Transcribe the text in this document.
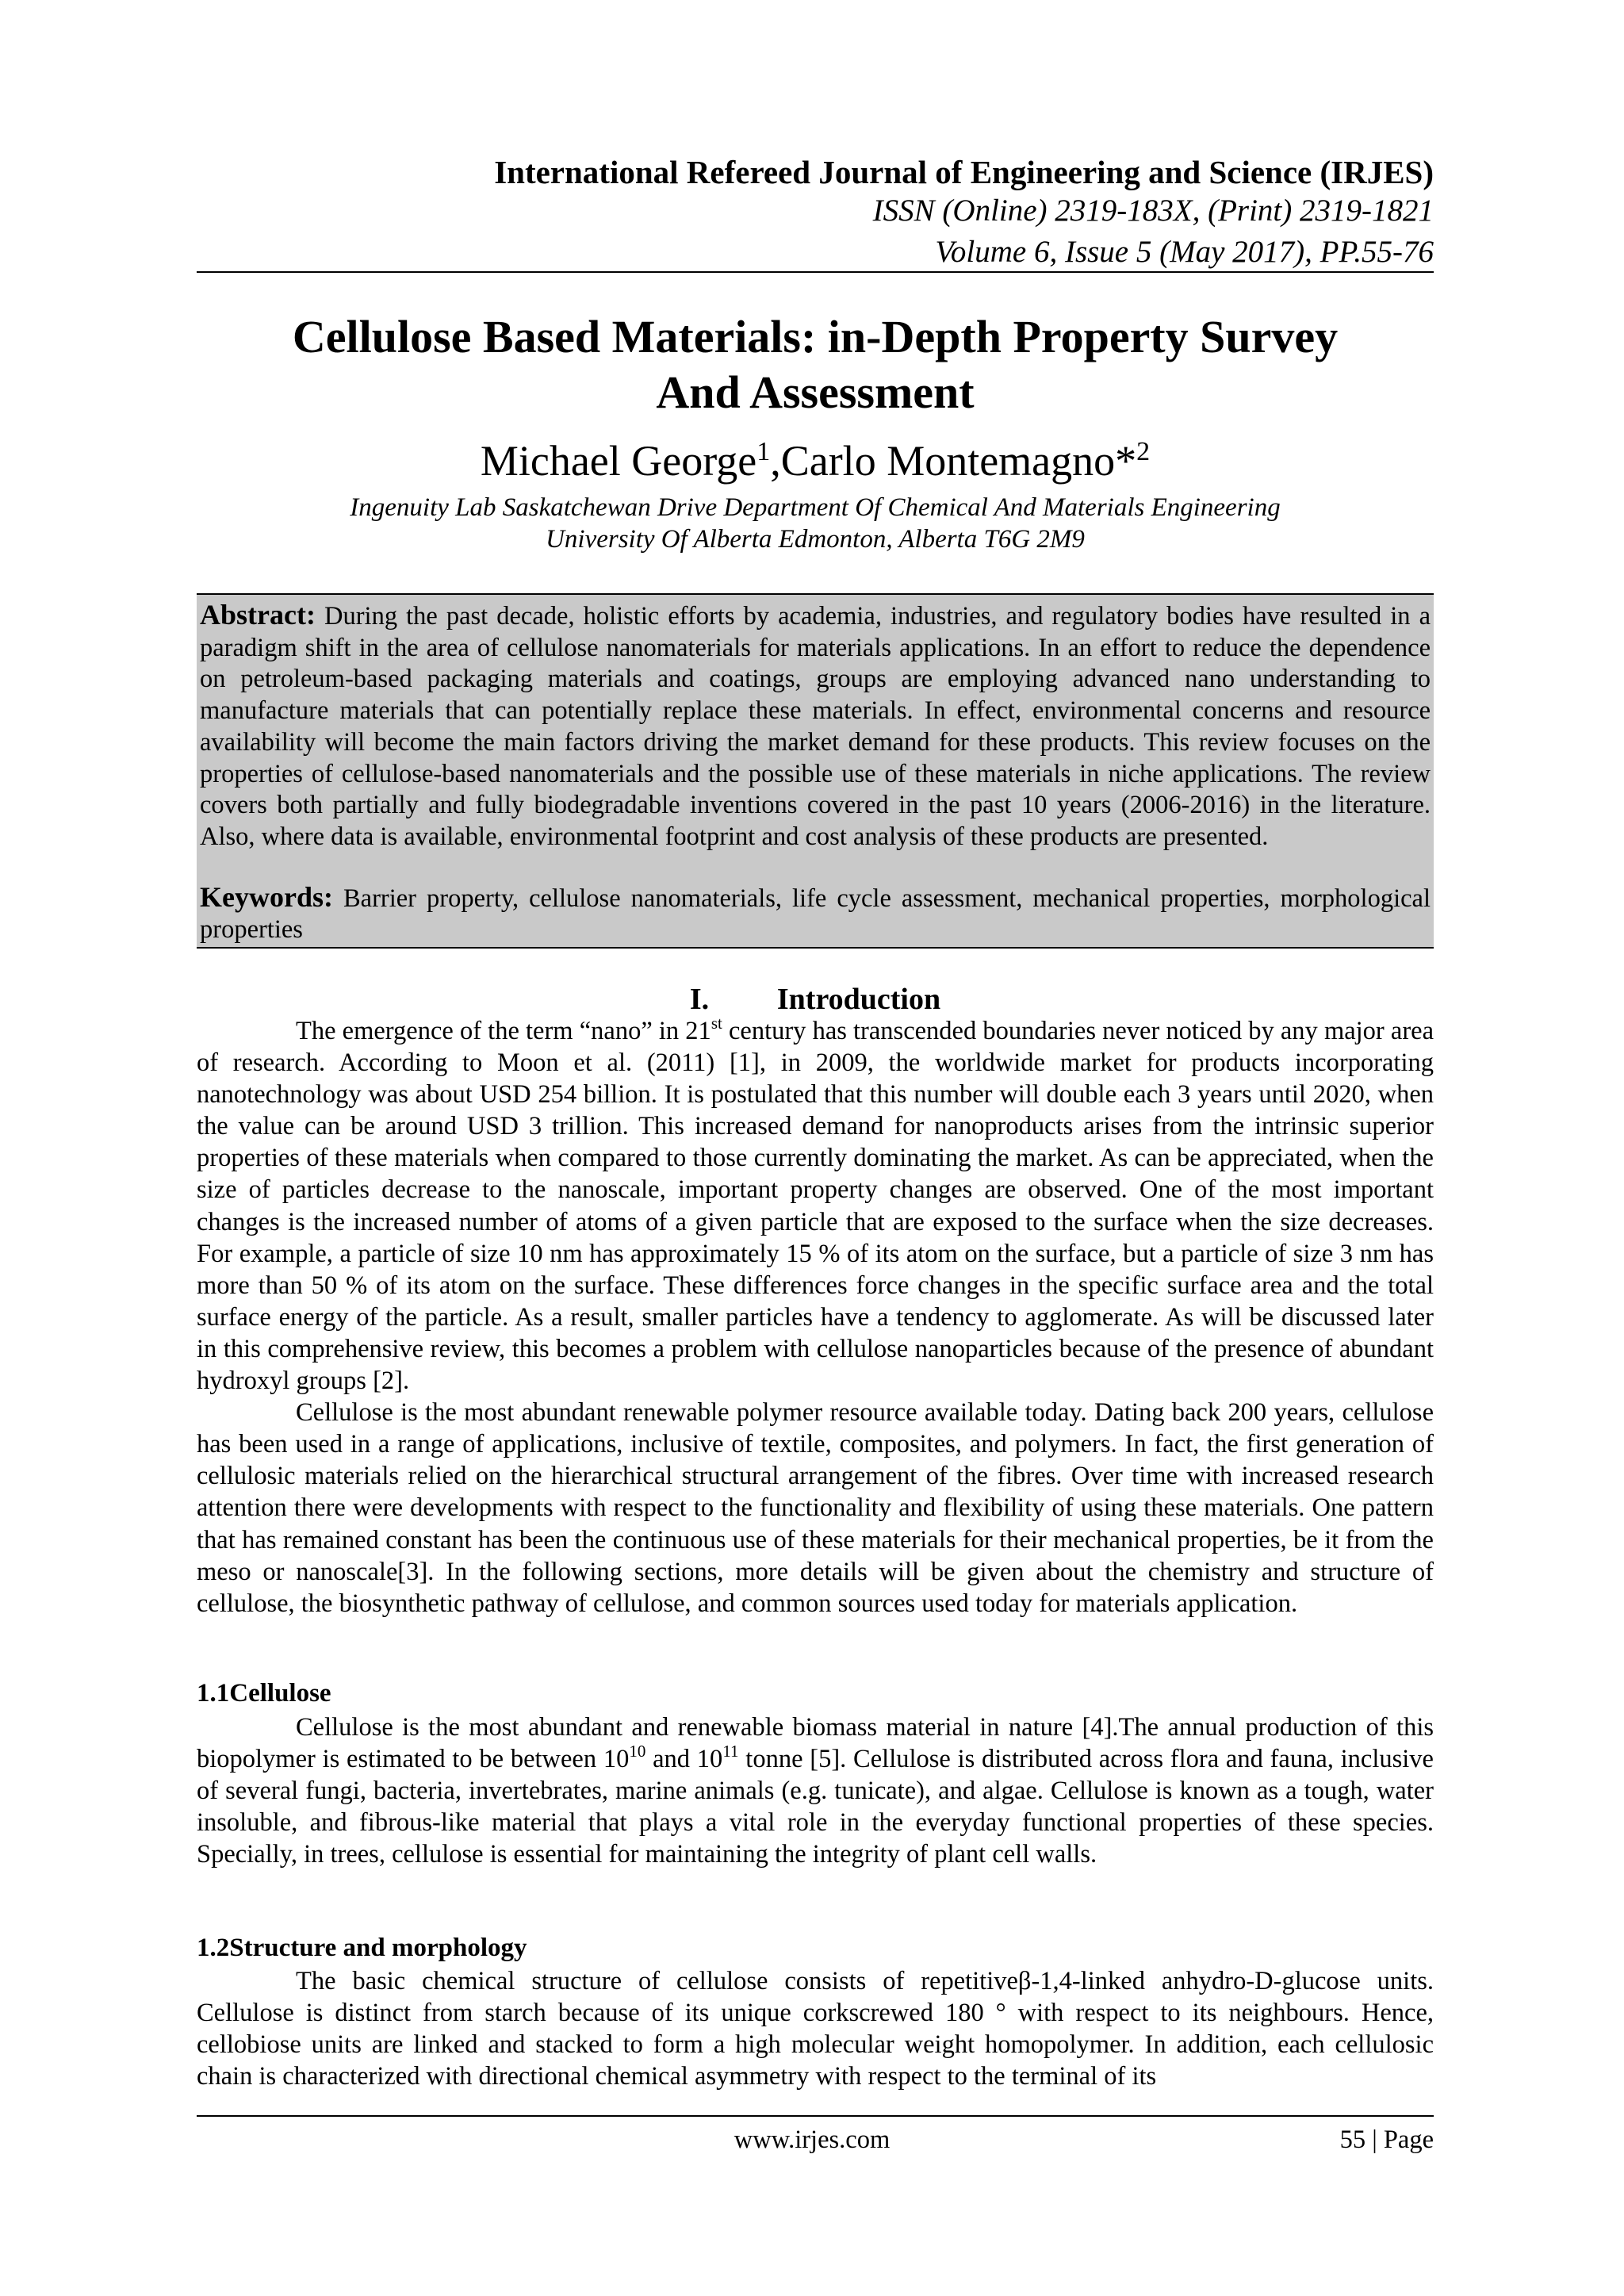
International Refereed Journal of Engineering and Science (IRJES)
ISSN (Online) 2319-183X, (Print) 2319-1821
Volume 6, Issue 5 (May 2017), PP.55-76
Cellulose Based Materials: in-Depth Property Survey
And Assessment
Michael George$^1$,Carlo Montemagno*$^2$
Ingenuity Lab Saskatchewan Drive Department Of Chemical And Materials Engineering
University Of Alberta Edmonton, Alberta T6G 2M9
Abstract: During the past decade, holistic efforts by academia, industries, and regulatory bodies have resulted in a paradigm shift in the area of cellulose nanomaterials for materials applications. In an effort to reduce the dependence on petroleum-based packaging materials and coatings, groups are employing advanced nano understanding to manufacture materials that can potentially replace these materials. In effect, environmental concerns and resource availability will become the main factors driving the market demand for these products. This review focuses on the properties of cellulose-based nanomaterials and the possible use of these materials in niche applications. The review covers both partially and fully biodegradable inventions covered in the past 10 years (2006-2016) in the literature. Also, where data is available, environmental footprint and cost analysis of these products are presented.
Keywords: Barrier property, cellulose nanomaterials, life cycle assessment, mechanical properties, morphological properties
I. Introduction

The emergence of the term “nano” in 21st century has transcended boundaries never noticed by any major area of research. According to Moon et al. (2011) [1], in 2009, the worldwide market for products incorporating nanotechnology was about USD 254 billion. It is postulated that this number will double each 3 years until 2020, when the value can be around USD 3 trillion. This increased demand for nanoproducts arises from the intrinsic superior properties of these materials when compared to those currently dominating the market. As can be appreciated, when the size of particles decrease to the nanoscale, important property changes are observed. One of the most important changes is the increased number of atoms of a given particle that are exposed to the surface when the size decreases. For example, a particle of size 10 nm has approximately 15 % of its atom on the surface, but a particle of size 3 nm has more than 50 % of its atom on the surface. These differences force changes in the specific surface area and the total surface energy of the particle. As a result, smaller particles have a tendency to agglomerate. As will be discussed later in this comprehensive review, this becomes a problem with cellulose nanoparticles because of the presence of abundant hydroxyl groups [2].

Cellulose is the most abundant renewable polymer resource available today. Dating back 200 years, cellulose has been used in a range of applications, inclusive of textile, composites, and polymers. In fact, the first generation of cellulosic materials relied on the hierarchical structural arrangement of the fibres. Over time with increased research attention there were developments with respect to the functionality and flexibility of using these materials. One pattern that has remained constant has been the continuous use of these materials for their mechanical properties, be it from the meso or nanoscale[3]. In the following sections, more details will be given about the chemistry and structure of cellulose, the biosynthetic pathway of cellulose, and common sources used today for materials application.

1.1Cellulose

Cellulose is the most abundant and renewable biomass material in nature [4].The annual production of this biopolymer is estimated to be between $10^{10}$ and $10^{11}$ tonne [5]. Cellulose is distributed across flora and fauna, inclusive of several fungi, bacteria, invertebrates, marine animals (e.g. tunicate), and algae. Cellulose is known as a tough, water insoluble, and fibrous-like material that plays a vital role in the everyday functional properties of these species. Specially, in trees, cellulose is essential for maintaining the integrity of plant cell walls.

1.2Structure and morphology

The basic chemical structure of cellulose consists of repetitiveβ-1,4-linked anhydro-D-glucose units. Cellulose is distinct from starch because of its unique corkscrewed 180 ° with respect to its neighbours. Hence, cellobiose units are linked and stacked to form a high molecular weight homopolymer. In addition, each cellulosic chain is characterized with directional chemical asymmetry with respect to the terminal of its

www.irjes.com	55 | Page
